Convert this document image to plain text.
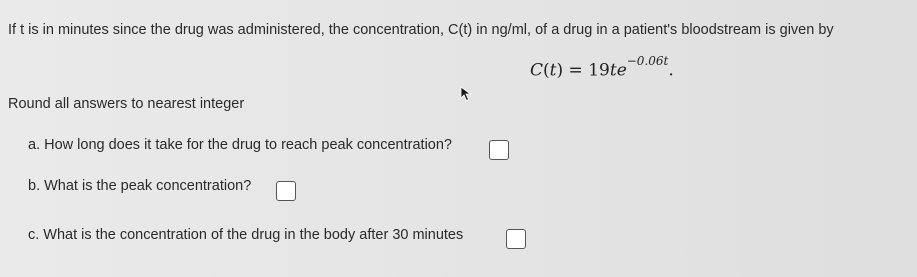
If t is in minutes since the drug was administered, the concentration, C(t) in ng/ml, of a drug in a patient's bloodstream is given by
$C(t) = 19te^{-0.06t}$.
Round all answers to nearest integer
a. How long does it take for the drug to reach peak concentration?
b. What is the peak concentration?
c. What is the concentration of the drug in the body after 30 minutes
